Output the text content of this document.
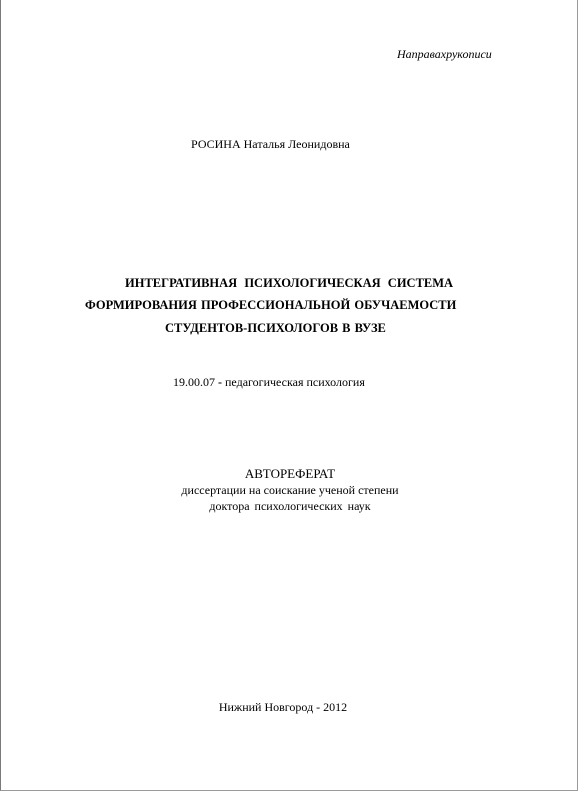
Направахрукописи
РОСИНА Наталья Леонидовна
ИНТЕГРАТИВНАЯ ПСИХОЛОГИЧЕСКАЯ СИСТЕМА
ФОРМИРОВАНИЯ ПРОФЕССИОНАЛЬНОЙ ОБУЧАЕМОСТИ
СТУДЕНТОВ-ПСИХОЛОГОВ В ВУЗЕ
19.00.07 - педагогическая психология
АВТОРЕФЕРАТ
диссертации на соискание ученой степени
доктора психологических наук
Нижний Новгород - 2012
